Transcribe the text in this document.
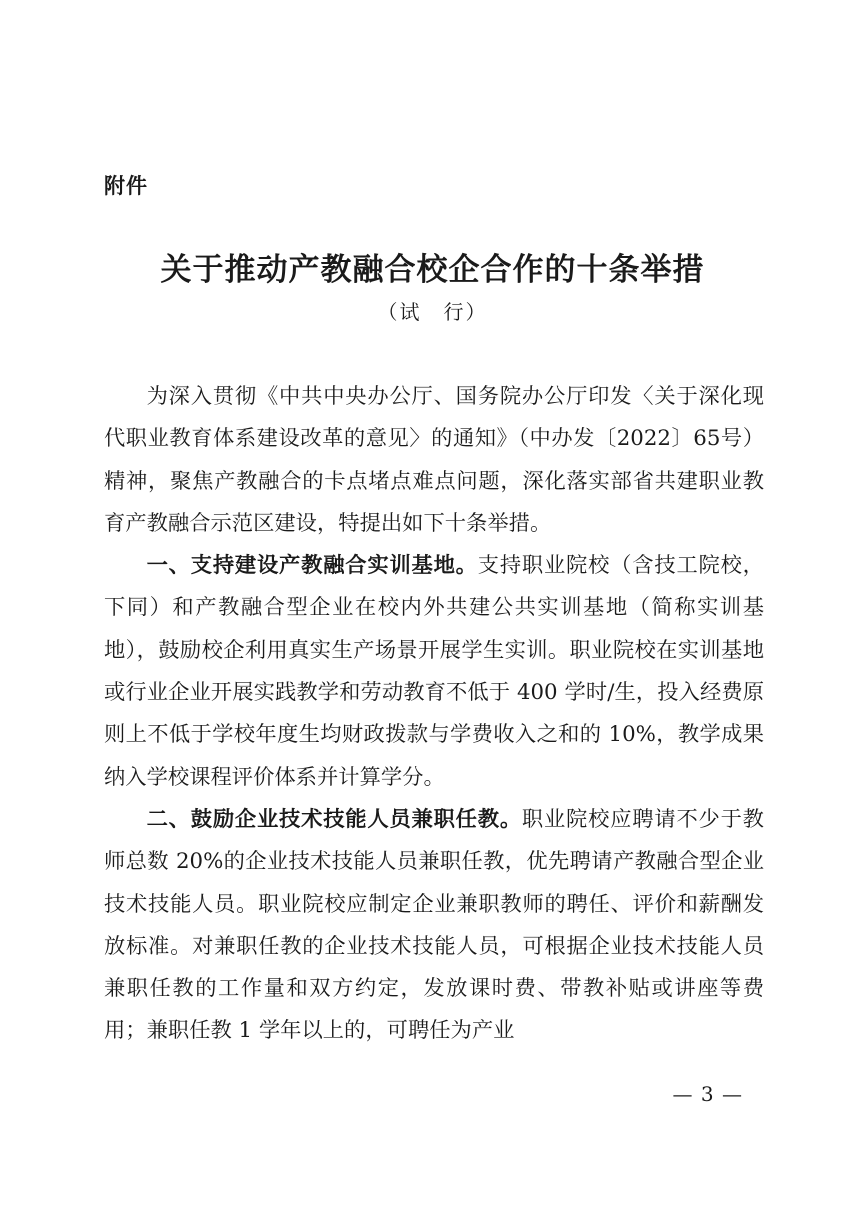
附件
关于推动产教融合校企合作的十条举措
（试　行）

为深入贯彻《中共中央办公厅、国务院办公厅印发〈关于深化现代职业教育体系建设改革的意见〉的通知》（中办发〔2022〕65号）精神，聚焦产教融合的卡点堵点难点问题，深化落实部省共建职业教育产教融合示范区建设，特提出如下十条举措。

一、支持建设产教融合实训基地。支持职业院校（含技工院校，下同）和产教融合型企业在校内外共建公共实训基地（简称实训基地），鼓励校企利用真实生产场景开展学生实训。职业院校在实训基地或行业企业开展实践教学和劳动教育不低于 400 学时/生，投入经费原则上不低于学校年度生均财政拨款与学费收入之和的 10%，教学成果纳入学校课程评价体系并计算学分。

二、鼓励企业技术技能人员兼职任教。职业院校应聘请不少于教师总数 20%的企业技术技能人员兼职任教，优先聘请产教融合型企业技术技能人员。职业院校应制定企业兼职教师的聘任、评价和薪酬发放标准。对兼职任教的企业技术技能人员，可根据企业技术技能人员兼职任教的工作量和双方约定，发放课时费、带教补贴或讲座等费用；兼职任教 1 学年以上的，可聘任为产业

— 3 —
